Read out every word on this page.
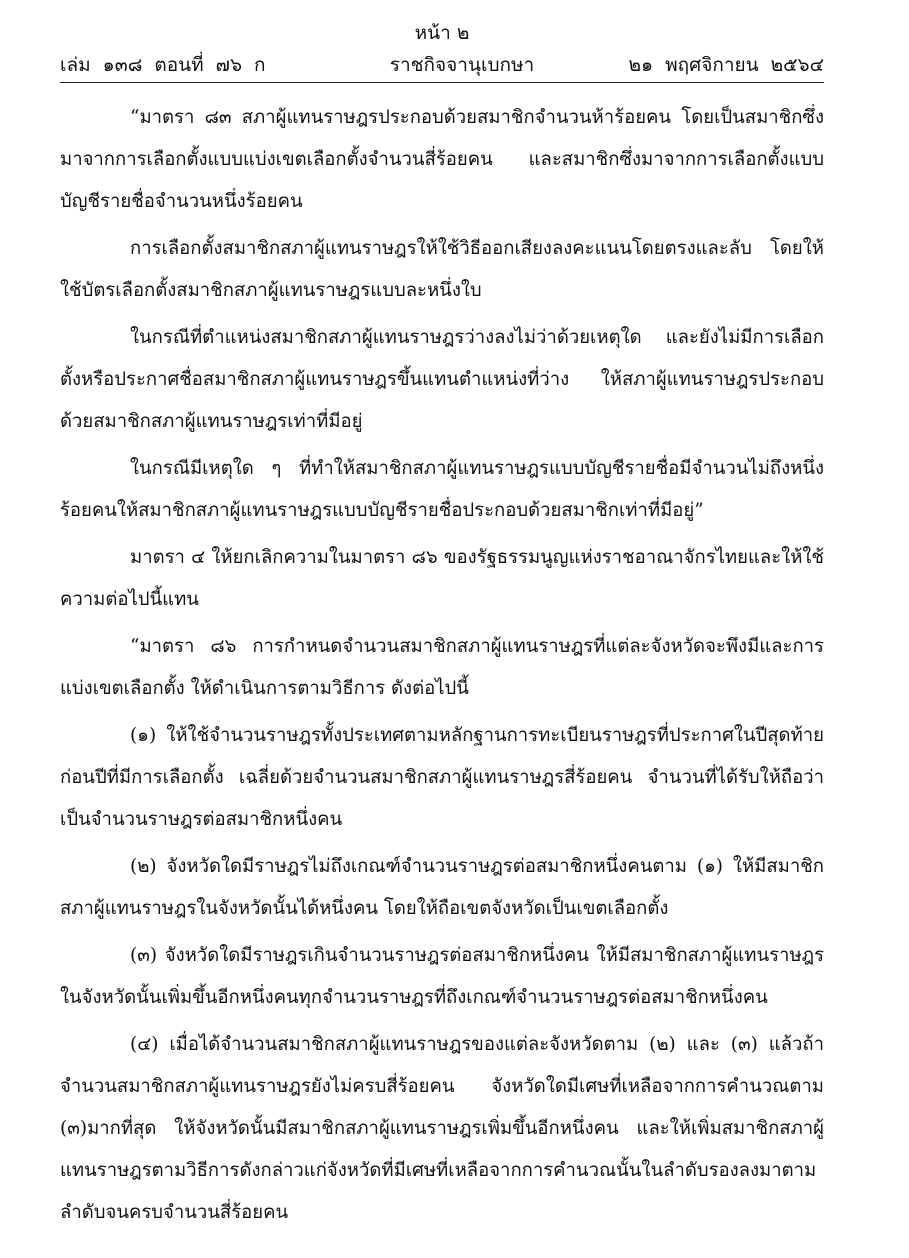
หน้า ๒
เล่ม ๑๓๘ ตอนที่ ๗๖ ก	ราชกิจจานุเบกษา	๒๑ พฤศจิกายน ๒๕๖๔

“มาตรา ๘๓ สภาผู้แทนราษฎรประกอบด้วยสมาชิกจำนวนห้าร้อยคน โดยเป็นสมาชิกซึ่งมาจากการเลือกตั้งแบบแบ่งเขตเลือกตั้งจำนวนสี่ร้อยคน และสมาชิกซึ่งมาจากการเลือกตั้งแบบบัญชีรายชื่อจำนวนหนึ่งร้อยคน

การเลือกตั้งสมาชิกสภาผู้แทนราษฎรให้ใช้วิธีออกเสียงลงคะแนนโดยตรงและลับ โดยให้ใช้บัตรเลือกตั้งสมาชิกสภาผู้แทนราษฎรแบบละหนึ่งใบ

ในกรณีที่ตำแหน่งสมาชิกสภาผู้แทนราษฎรว่างลงไม่ว่าด้วยเหตุใด และยังไม่มีการเลือกตั้งหรือประกาศชื่อสมาชิกสภาผู้แทนราษฎรขึ้นแทนตำแหน่งที่ว่าง ให้สภาผู้แทนราษฎรประกอบด้วยสมาชิกสภาผู้แทนราษฎรเท่าที่มีอยู่

ในกรณีมีเหตุใด ๆ ที่ทำให้สมาชิกสภาผู้แทนราษฎรแบบบัญชีรายชื่อมีจำนวนไม่ถึงหนึ่งร้อยคนให้สมาชิกสภาผู้แทนราษฎรแบบบัญชีรายชื่อประกอบด้วยสมาชิกเท่าที่มีอยู่”

มาตรา ๔ ให้ยกเลิกความในมาตรา ๘๖ ของรัฐธรรมนูญแห่งราชอาณาจักรไทยและให้ใช้ความต่อไปนี้แทน

“มาตรา ๘๖ การกำหนดจำนวนสมาชิกสภาผู้แทนราษฎรที่แต่ละจังหวัดจะพึงมีและการแบ่งเขตเลือกตั้ง ให้ดำเนินการตามวิธีการ ดังต่อไปนี้

(๑) ให้ใช้จำนวนราษฎรทั้งประเทศตามหลักฐานการทะเบียนราษฎรที่ประกาศในปีสุดท้ายก่อนปีที่มีการเลือกตั้ง เฉลี่ยด้วยจำนวนสมาชิกสภาผู้แทนราษฎรสี่ร้อยคน จำนวนที่ได้รับให้ถือว่าเป็นจำนวนราษฎรต่อสมาชิกหนึ่งคน

(๒) จังหวัดใดมีราษฎรไม่ถึงเกณฑ์จำนวนราษฎรต่อสมาชิกหนึ่งคนตาม (๑) ให้มีสมาชิกสภาผู้แทนราษฎรในจังหวัดนั้นได้หนึ่งคน โดยให้ถือเขตจังหวัดเป็นเขตเลือกตั้ง

(๓) จังหวัดใดมีราษฎรเกินจำนวนราษฎรต่อสมาชิกหนึ่งคน ให้มีสมาชิกสภาผู้แทนราษฎรในจังหวัดนั้นเพิ่มขึ้นอีกหนึ่งคนทุกจำนวนราษฎรที่ถึงเกณฑ์จำนวนราษฎรต่อสมาชิกหนึ่งคน

(๔) เมื่อได้จำนวนสมาชิกสภาผู้แทนราษฎรของแต่ละจังหวัดตาม (๒) และ (๓) แล้วถ้าจำนวนสมาชิกสภาผู้แทนราษฎรยังไม่ครบสี่ร้อยคน จังหวัดใดมีเศษที่เหลือจากการคำนวณตาม (๓)มากที่สุด ให้จังหวัดนั้นมีสมาชิกสภาผู้แทนราษฎรเพิ่มขึ้นอีกหนึ่งคน และให้เพิ่มสมาชิกสภาผู้แทนราษฎรตามวิธีการดังกล่าวแก่จังหวัดที่มีเศษที่เหลือจากการคำนวณนั้นในลำดับรองลงมาตามลำดับจนครบจำนวนสี่ร้อยคน
